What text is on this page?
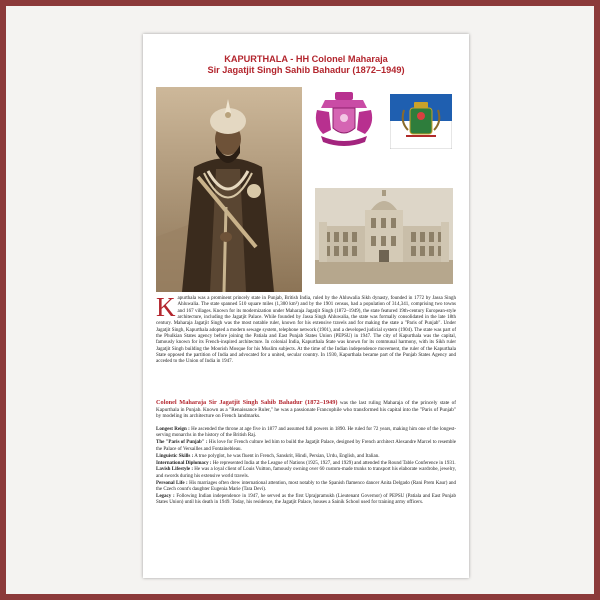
KAPURTHALA - HH Colonel Maharaja
Sir Jagatjit Singh Sahib Bahadur (1872–1949)
Kapurthala was a prominent princely state in Punjab, British India, ruled by the Ahluwalia Sikh dynasty, founded in 1772 by Jassa Singh Ahluwalia. The state spanned 510 square miles (1,300 km²) and by the 1901 census, had a population of 314,341, comprising two towns and 167 villages. Known for its modernization under Maharaja Jagatjit Singh (1872–1949), the state featured 19th-century European-style architecture, including the Jagatjit Palace. While founded by Jassa Singh Ahluwalia, the state was formally consolidated in the late 18th century. Maharaja Jagatjit Singh was the most notable ruler, known for his extensive travels and for making the state a "Paris of Punjab". Under Jagatjit Singh, Kapurthala adopted a modern sewage system, telephone network (1901), and a developed judicial system (1904). The state was part of the Phulkian States agency before joining the Patiala and East Punjab States Union (PEPSU) in 1947. The city of Kapurthala was the capital, famously known for its French-inspired architecture. In colonial India, Kapurthala State was known for its communal harmony, with its Sikh ruler Jagatjit Singh building the Moorish Mosque for his Muslim subjects. At the time of the Indian independence movement, the ruler of the Kapurthala State opposed the partition of India and advocated for a united, secular country. In 1930, Kapurthala became part of the Punjab States Agency and acceded to the Union of India in 1947.
Colonel Maharaja Sir Jagatjit Singh Sahib Bahadur (1872–1949) was the last ruling Maharaja of the princely state of Kapurthala in Punjab. Known as a "Renaissance Ruler," he was a passionate Francophile who transformed his capital into the "Paris of Punjab" by modeling its architecture on French landmarks.

Longest Reign : He ascended the throne at age five in 1877 and assumed full powers in 1890. He ruled for 72 years, making him one of the longest-serving monarchs in the history of the British Raj.

The "Paris of Punjab" : His love for French culture led him to build the Jagatjit Palace, designed by French architect Alexandre Marcel to resemble the Palace of Versailles and Fontainebleau.

Linguistic Skills : A true polyglot, he was fluent in French, Sanskrit, Hindi, Persian, Urdu, English, and Italian.

International Diplomacy : He represented India at the League of Nations (1925, 1927, and 1929) and attended the Round Table Conference in 1931.

Lavish Lifestyle : He was a loyal client of Louis Vuitton, famously owning over 60 custom-made trunks to transport his elaborate wardrobe, jewelry, and swords during his extensive world travels.

Personal Life : His marriages often drew international attention, most notably to the Spanish flamenco dancer Anita Delgado (Rani Prem Kaur) and the Czech count's daughter Eugenia Marie (Tara Devi).

Legacy : Following Indian independence in 1947, he served as the first Uprajpramukh (Lieutenant Governor) of PEPSU (Patiala and East Punjab States Union) until his death in 1949. Today, his residence, the Jagatjit Palace, houses a Sainik School used for training army officers.
